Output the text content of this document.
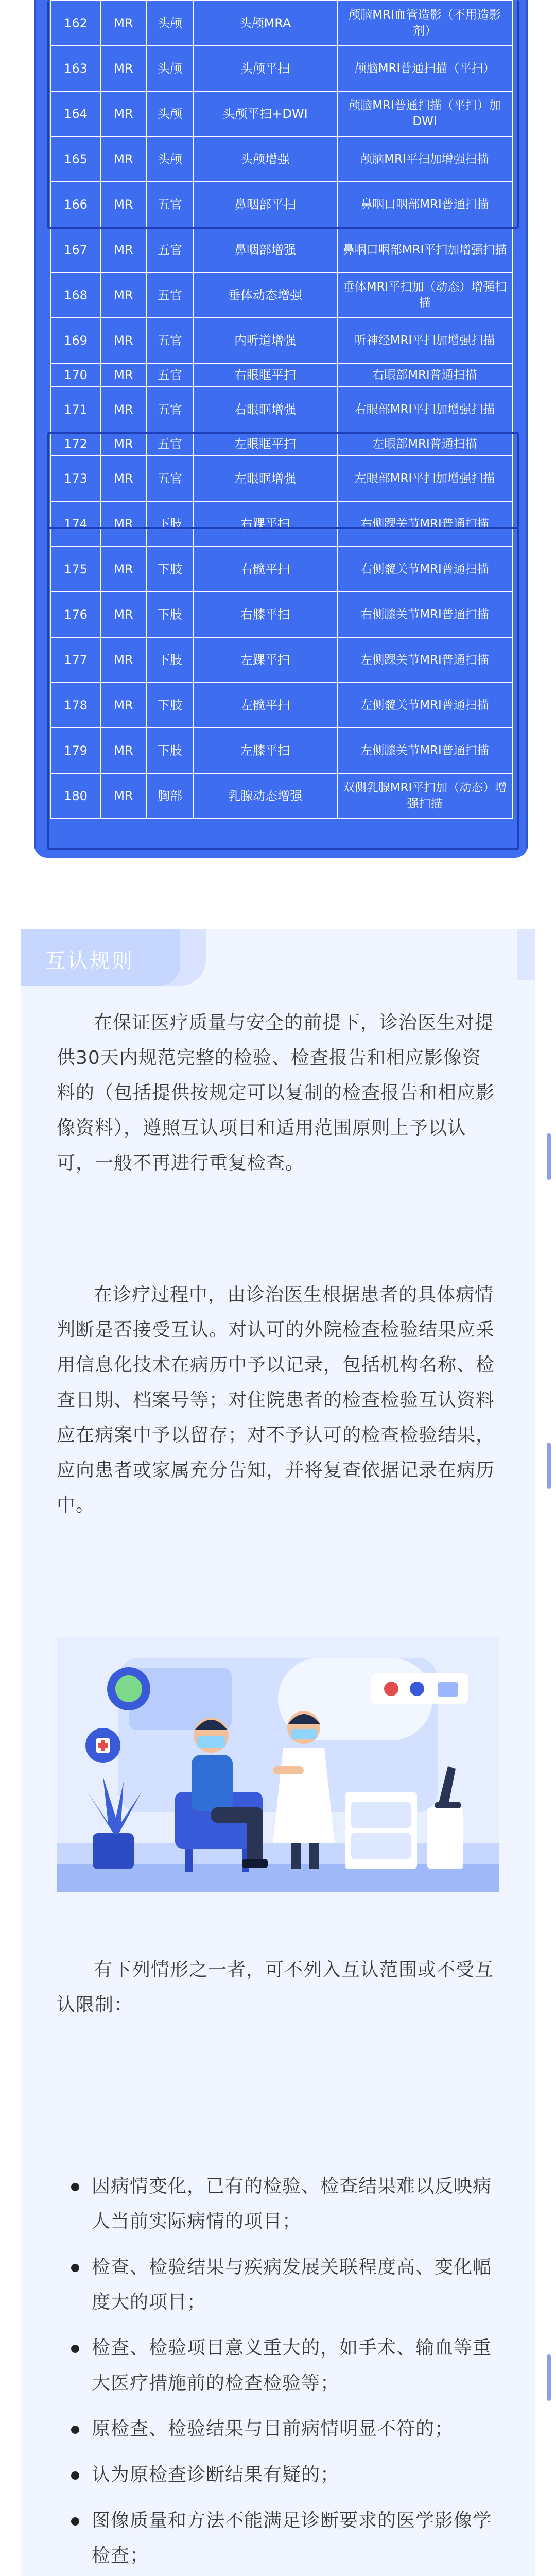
162	MR	头颅	头颅MRA	颅脑MRI血管造影（不用造影剂）
163	MR	头颅	头颅平扫	颅脑MRI普通扫描（平扫）
164	MR	头颅	头颅平扫+DWI	颅脑MRI普通扫描（平扫）加DWI
165	MR	头颅	头颅增强	颅脑MRI平扫加增强扫描
166	MR	五官	鼻咽部平扫	鼻咽口咽部MRI普通扫描
167	MR	五官	鼻咽部增强	鼻咽口咽部MRI平扫加增强扫描
168	MR	五官	垂体动态增强	垂体MRI平扫加（动态）增强扫描
169	MR	五官	内听道增强	听神经MRI平扫加增强扫描
170	MR	五官	右眼眶平扫	右眼部MRI普通扫描
171	MR	五官	右眼眶增强	右眼部MRI平扫加增强扫描
172	MR	五官	左眼眶平扫	左眼部MRI普通扫描
173	MR	五官	左眼眶增强	左眼部MRI平扫加增强扫描
174	MR	下肢	右踝平扫	右侧踝关节MRI普通扫描
175	MR	下肢	右髋平扫	右侧髋关节MRI普通扫描
176	MR	下肢	右膝平扫	右侧膝关节MRI普通扫描
177	MR	下肢	左踝平扫	左侧踝关节MRI普通扫描
178	MR	下肢	左髋平扫	左侧髋关节MRI普通扫描
179	MR	下肢	左膝平扫	左侧膝关节MRI普通扫描
180	MR	胸部	乳腺动态增强	双侧乳腺MRI平扫加（动态）增强扫描
互认规则

在保证医疗质量与安全的前提下，诊治医生对提供30天内规范完整的检验、检查报告和相应影像资料的（包括提供按规定可以复制的检查报告和相应影像资料），遵照互认项目和适用范围原则上予以认可，一般不再进行重复检查。

在诊疗过程中，由诊治医生根据患者的具体病情判断是否接受互认。对认可的外院检查检验结果应采用信息化技术在病历中予以记录，包括机构名称、检查日期、档案号等；对住院患者的检查检验互认资料应在病案中予以留存；对不予认可的检查检验结果，应向患者或家属充分告知，并将复查依据记录在病历中。

有下列情形之一者，可不列入互认范围或不受互认限制：

因病情变化，已有的检验、检查结果难以反映病人当前实际病情的项目；
检查、检验结果与疾病发展关联程度高、变化幅度大的项目；
检查、检验项目意义重大的，如手术、输血等重大医疗措施前的检查检验等；
原检查、检验结果与目前病情明显不符的；
认为原检查诊断结果有疑的；
图像质量和方法不能满足诊断要求的医学影像学检查；
